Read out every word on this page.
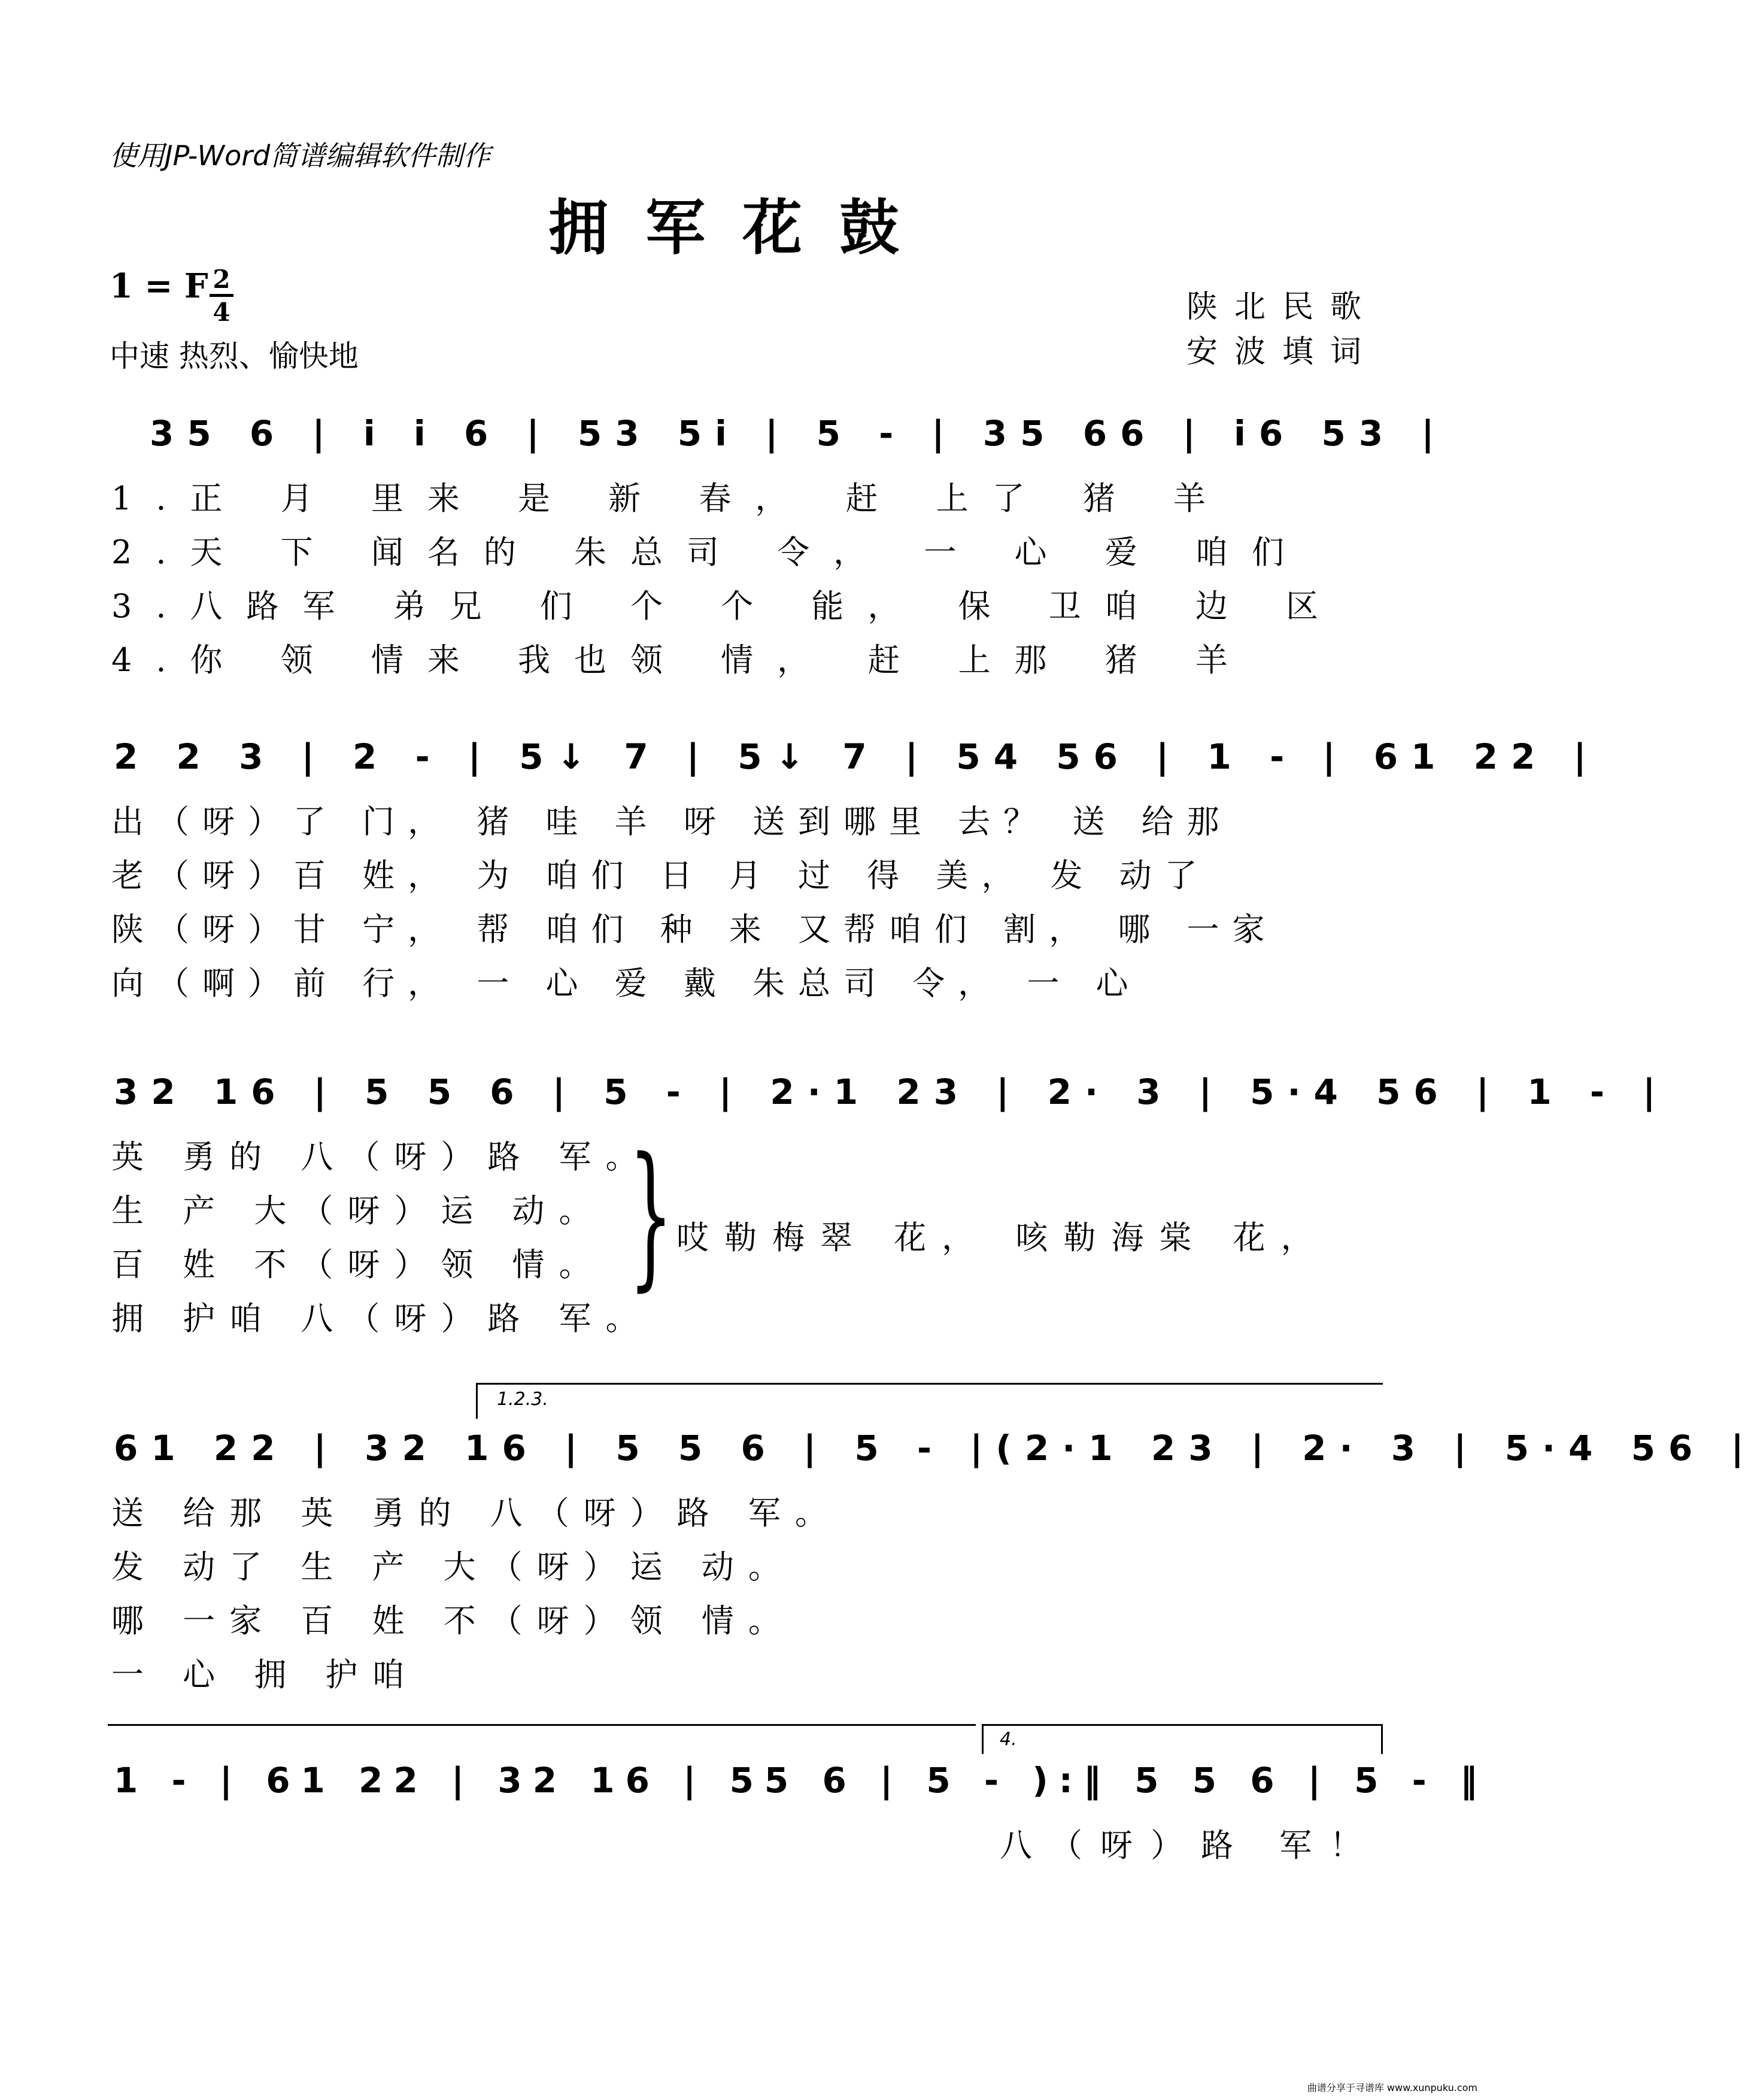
使用JP-Word简谱编辑软件制作
拥军花鼓
1 = F 2
4
中速 热烈、愉快地
陕北民歌
安波填词
35 6 | i i 6 | 53 5i | 5 - | 35 66 | i6 53 |
1.正 月 里来 是 新 春， 赶 上了 猪 羊
2.天 下 闻名的 朱总司 令， 一 心 爱 咱们
3.八路军 弟兄 们 个 个 能， 保 卫咱 边 区
4.你 领 情来 我也领 情， 赶 上那 猪 羊
2 2 3 | 2 - | 5↓ 7 | 5↓ 7 | 54 56 | 1 - | 61 22 |
出（呀）了 门， 猪 哇 羊 呀 送到哪里 去？ 送 给那
老（呀）百 姓， 为 咱们 日 月 过 得 美， 发 动了
陕（呀）甘 宁， 帮 咱们 种 来 又帮咱们 割， 哪 一家
向（啊）前 行， 一 心 爱 戴 朱总司 令， 一 心
32 16 | 5 5 6 | 5 - | 2·1 23 | 2· 3 | 5·4 56 | 1 - |
英 勇的 八（呀）路 军。
生 产 大（呀）运 动。
百 姓 不（呀）领 情。
拥 护咱 八（呀）路 军。
} 哎勒梅翠 花， 咳勒海棠 花，
1.2.3.
61 22 | 32 16 | 5 5 6 | 5 - |(2·1 23 | 2· 3 | 5·4 56 |
送 给那 英 勇的 八（呀）路 军。
发 动了 生 产 大（呀）运 动。
哪 一家 百 姓 不（呀）领 情。
一 心 拥 护咱
4.
1 - | 61 22 | 32 16 | 55 6 | 5 - ):‖ 5 5 6 | 5 - ‖
八（呀）路 军！
曲谱分享于寻谱库 www.xunpuku.com
